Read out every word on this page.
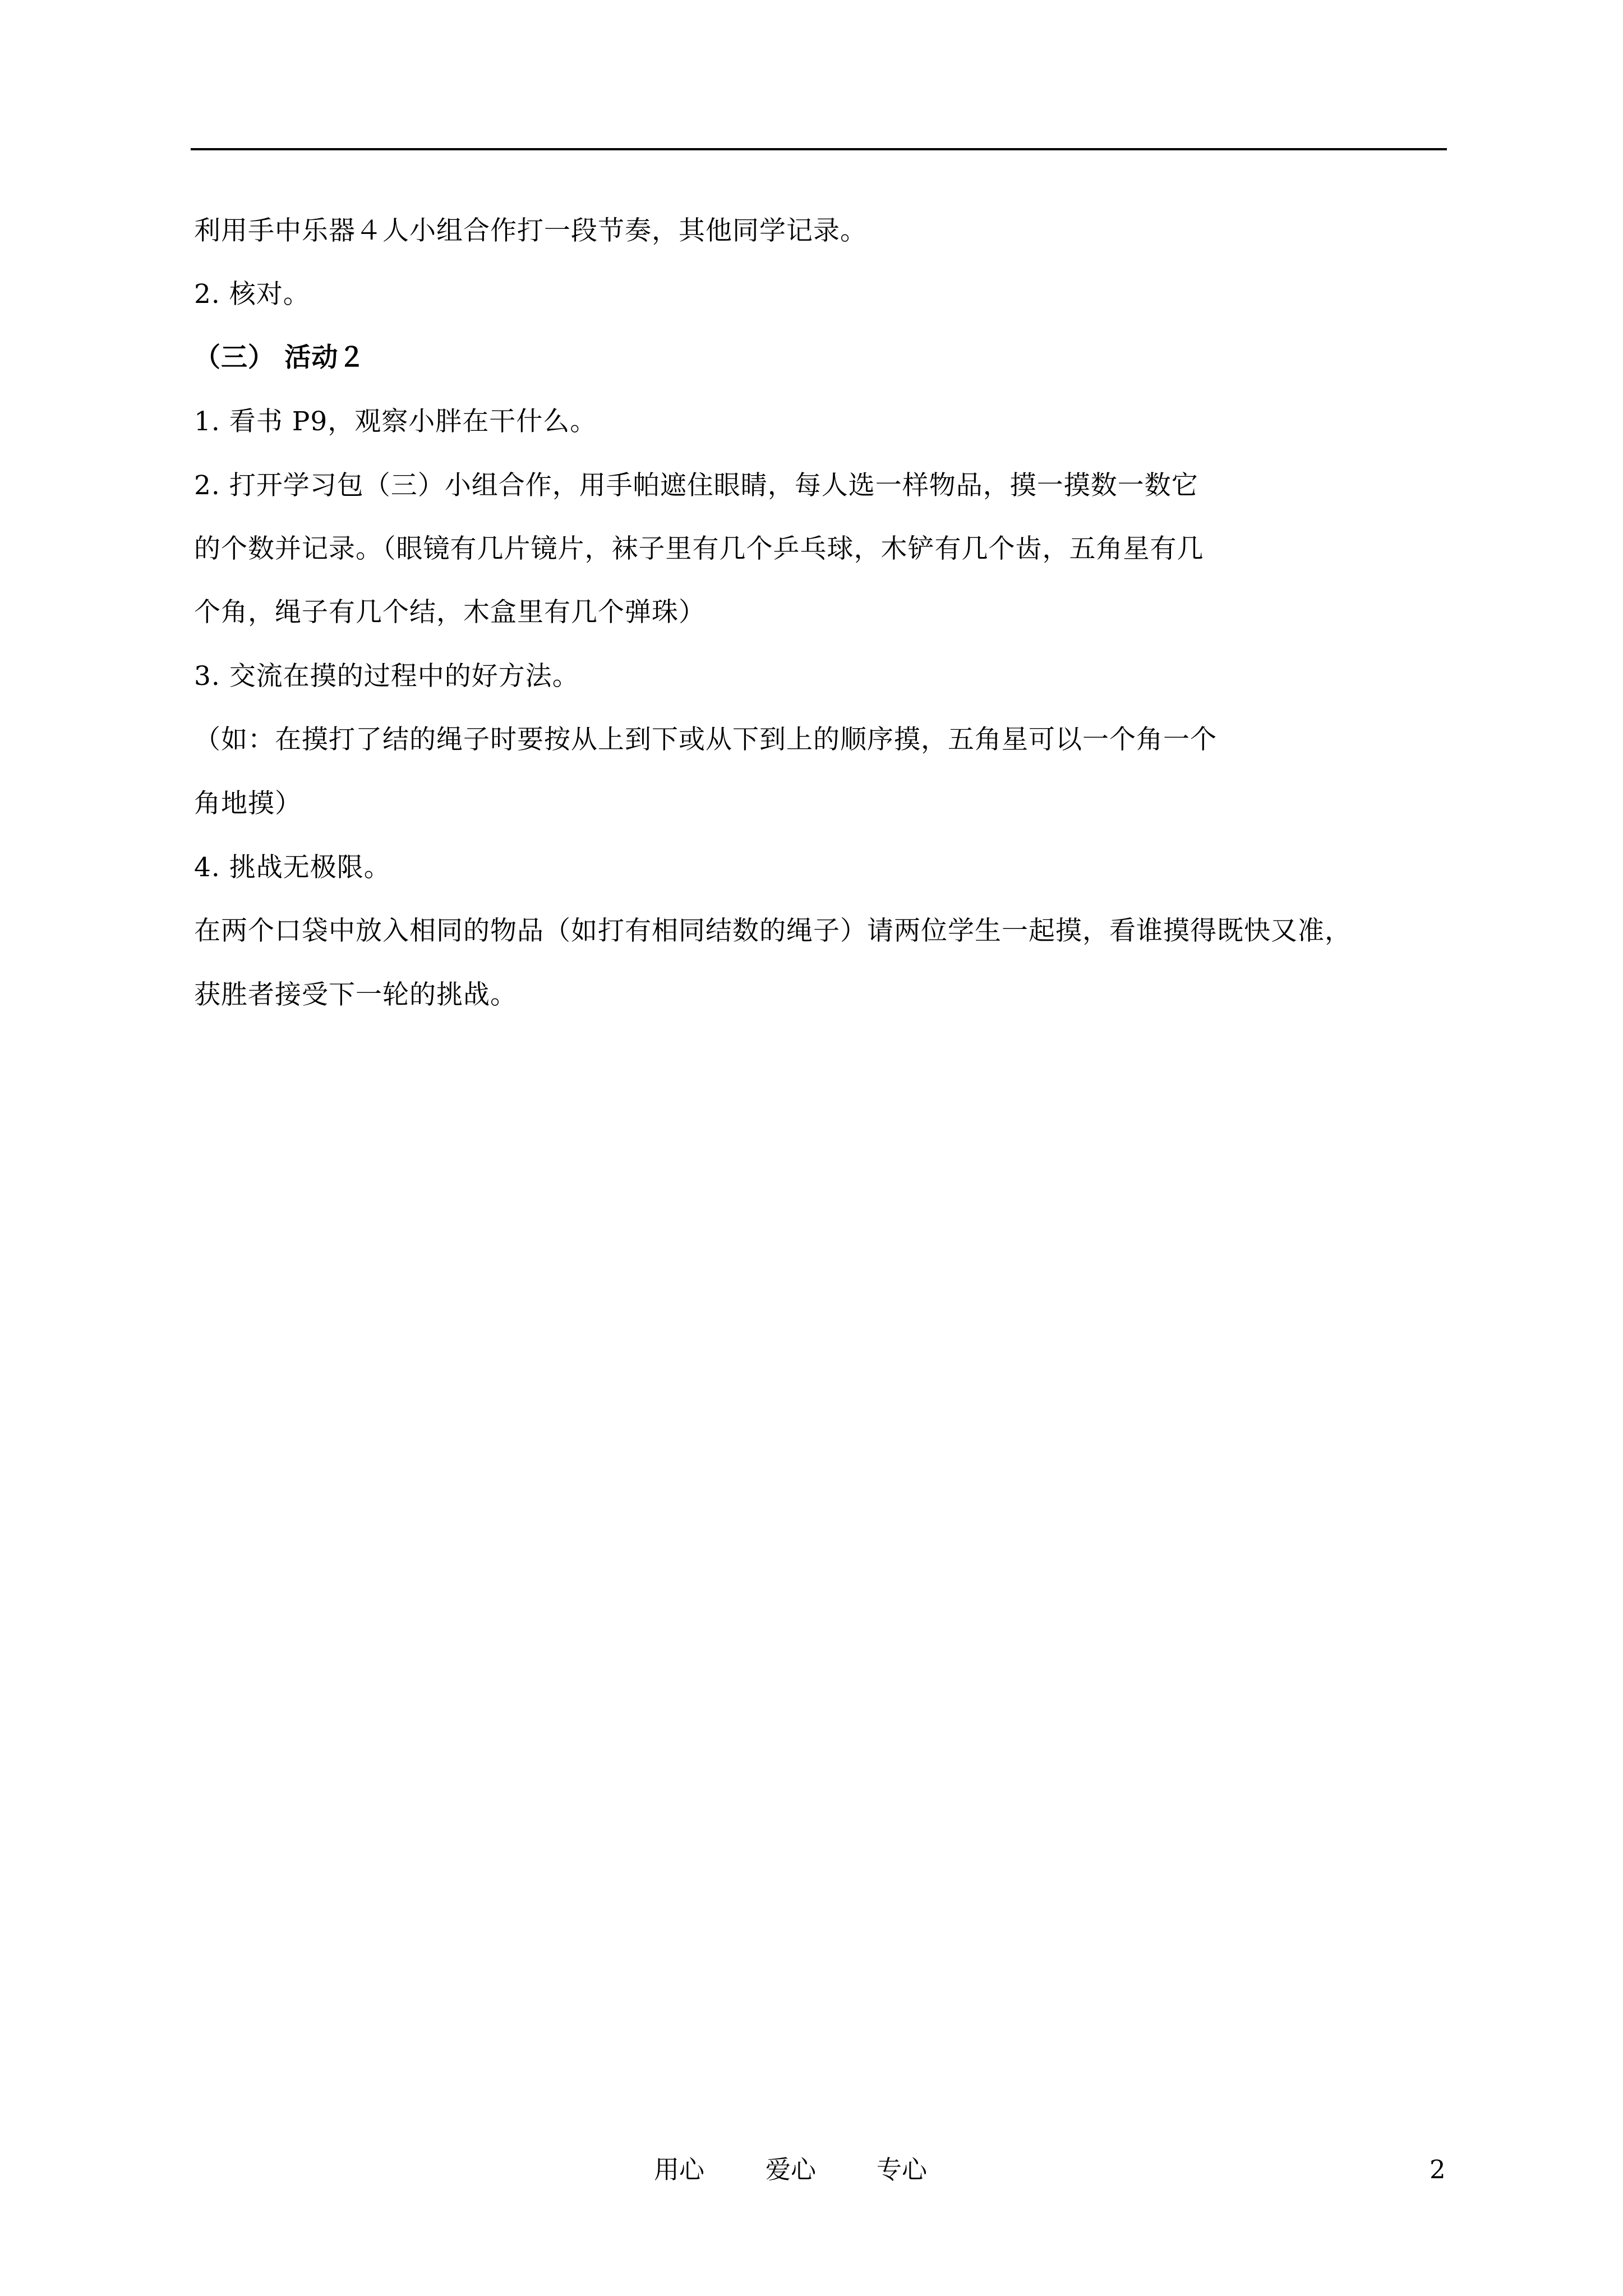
利用手中乐器４人小组合作打一段节奏，其他同学记录。
2. 核对。
（三） 活动２
1. 看书 P9，观察小胖在干什么。
2. 打开学习包（三）小组合作，用手帕遮住眼睛，每人选一样物品，摸一摸数一数它
的个数并记录。（眼镜有几片镜片，袜子里有几个乒乓球，木铲有几个齿，五角星有几
个角，绳子有几个结，木盒里有几个弹珠）
3. 交流在摸的过程中的好方法。
（如：在摸打了结的绳子时要按从上到下或从下到上的顺序摸，五角星可以一个角一个
角地摸）
4. 挑战无极限。
在两个口袋中放入相同的物品（如打有相同结数的绳子）请两位学生一起摸，看谁摸得既快又准，
获胜者接受下一轮的挑战。
用心 爱心 专心	2
